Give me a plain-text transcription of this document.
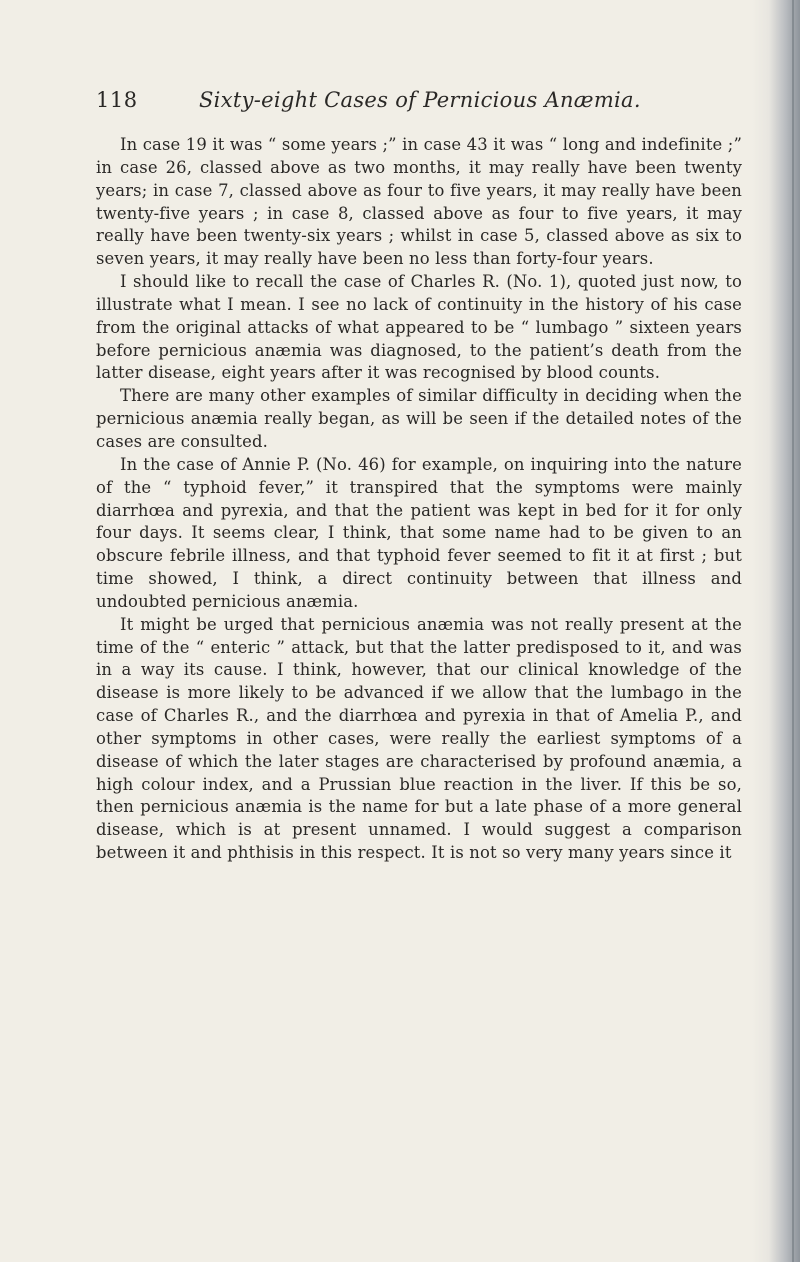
118	Sixty-eight Cases of Pernicious Anæmia.

In case 19 it was “ some years ;” in case 43 it was “ long and indefinite ;” in case 26, classed above as two months, it may really have been twenty years; in case 7, classed above as four to five years, it may really have been twenty-five years ; in case 8, classed above as four to five years, it may really have been twenty-six years ; whilst in case 5, classed above as six to seven years, it may really have been no less than forty-four years.

I should like to recall the case of Charles R. (No. 1), quoted just now, to illustrate what I mean. I see no lack of continuity in the history of his case from the original attacks of what appeared to be “ lumbago ” sixteen years before pernicious anæmia was diagnosed, to the patient’s death from the latter disease, eight years after it was recognised by blood counts.

There are many other examples of similar difficulty in deciding when the pernicious anæmia really began, as will be seen if the detailed notes of the cases are consulted.

In the case of Annie P. (No. 46) for example, on inquiring into the nature of the “ typhoid fever,” it transpired that the symptoms were mainly diarrhœa and pyrexia, and that the patient was kept in bed for it for only four days. It seems clear, I think, that some name had to be given to an obscure febrile illness, and that typhoid fever seemed to fit it at first ; but time showed, I think, a direct continuity between that illness and undoubted pernicious anæmia.

It might be urged that pernicious anæmia was not really present at the time of the “ enteric ” attack, but that the latter predisposed to it, and was in a way its cause. I think, however, that our clinical knowledge of the disease is more likely to be advanced if we allow that the lumbago in the case of Charles R., and the diarrhœa and pyrexia in that of Amelia P., and other symptoms in other cases, were really the earliest symptoms of a disease of which the later stages are characterised by profound anæmia, a high colour index, and a Prussian blue reaction in the liver. If this be so, then pernicious anæmia is the name for but a late phase of a more general disease, which is at present unnamed. I would suggest a comparison between it and phthisis in this respect. It is not so very many years since it
